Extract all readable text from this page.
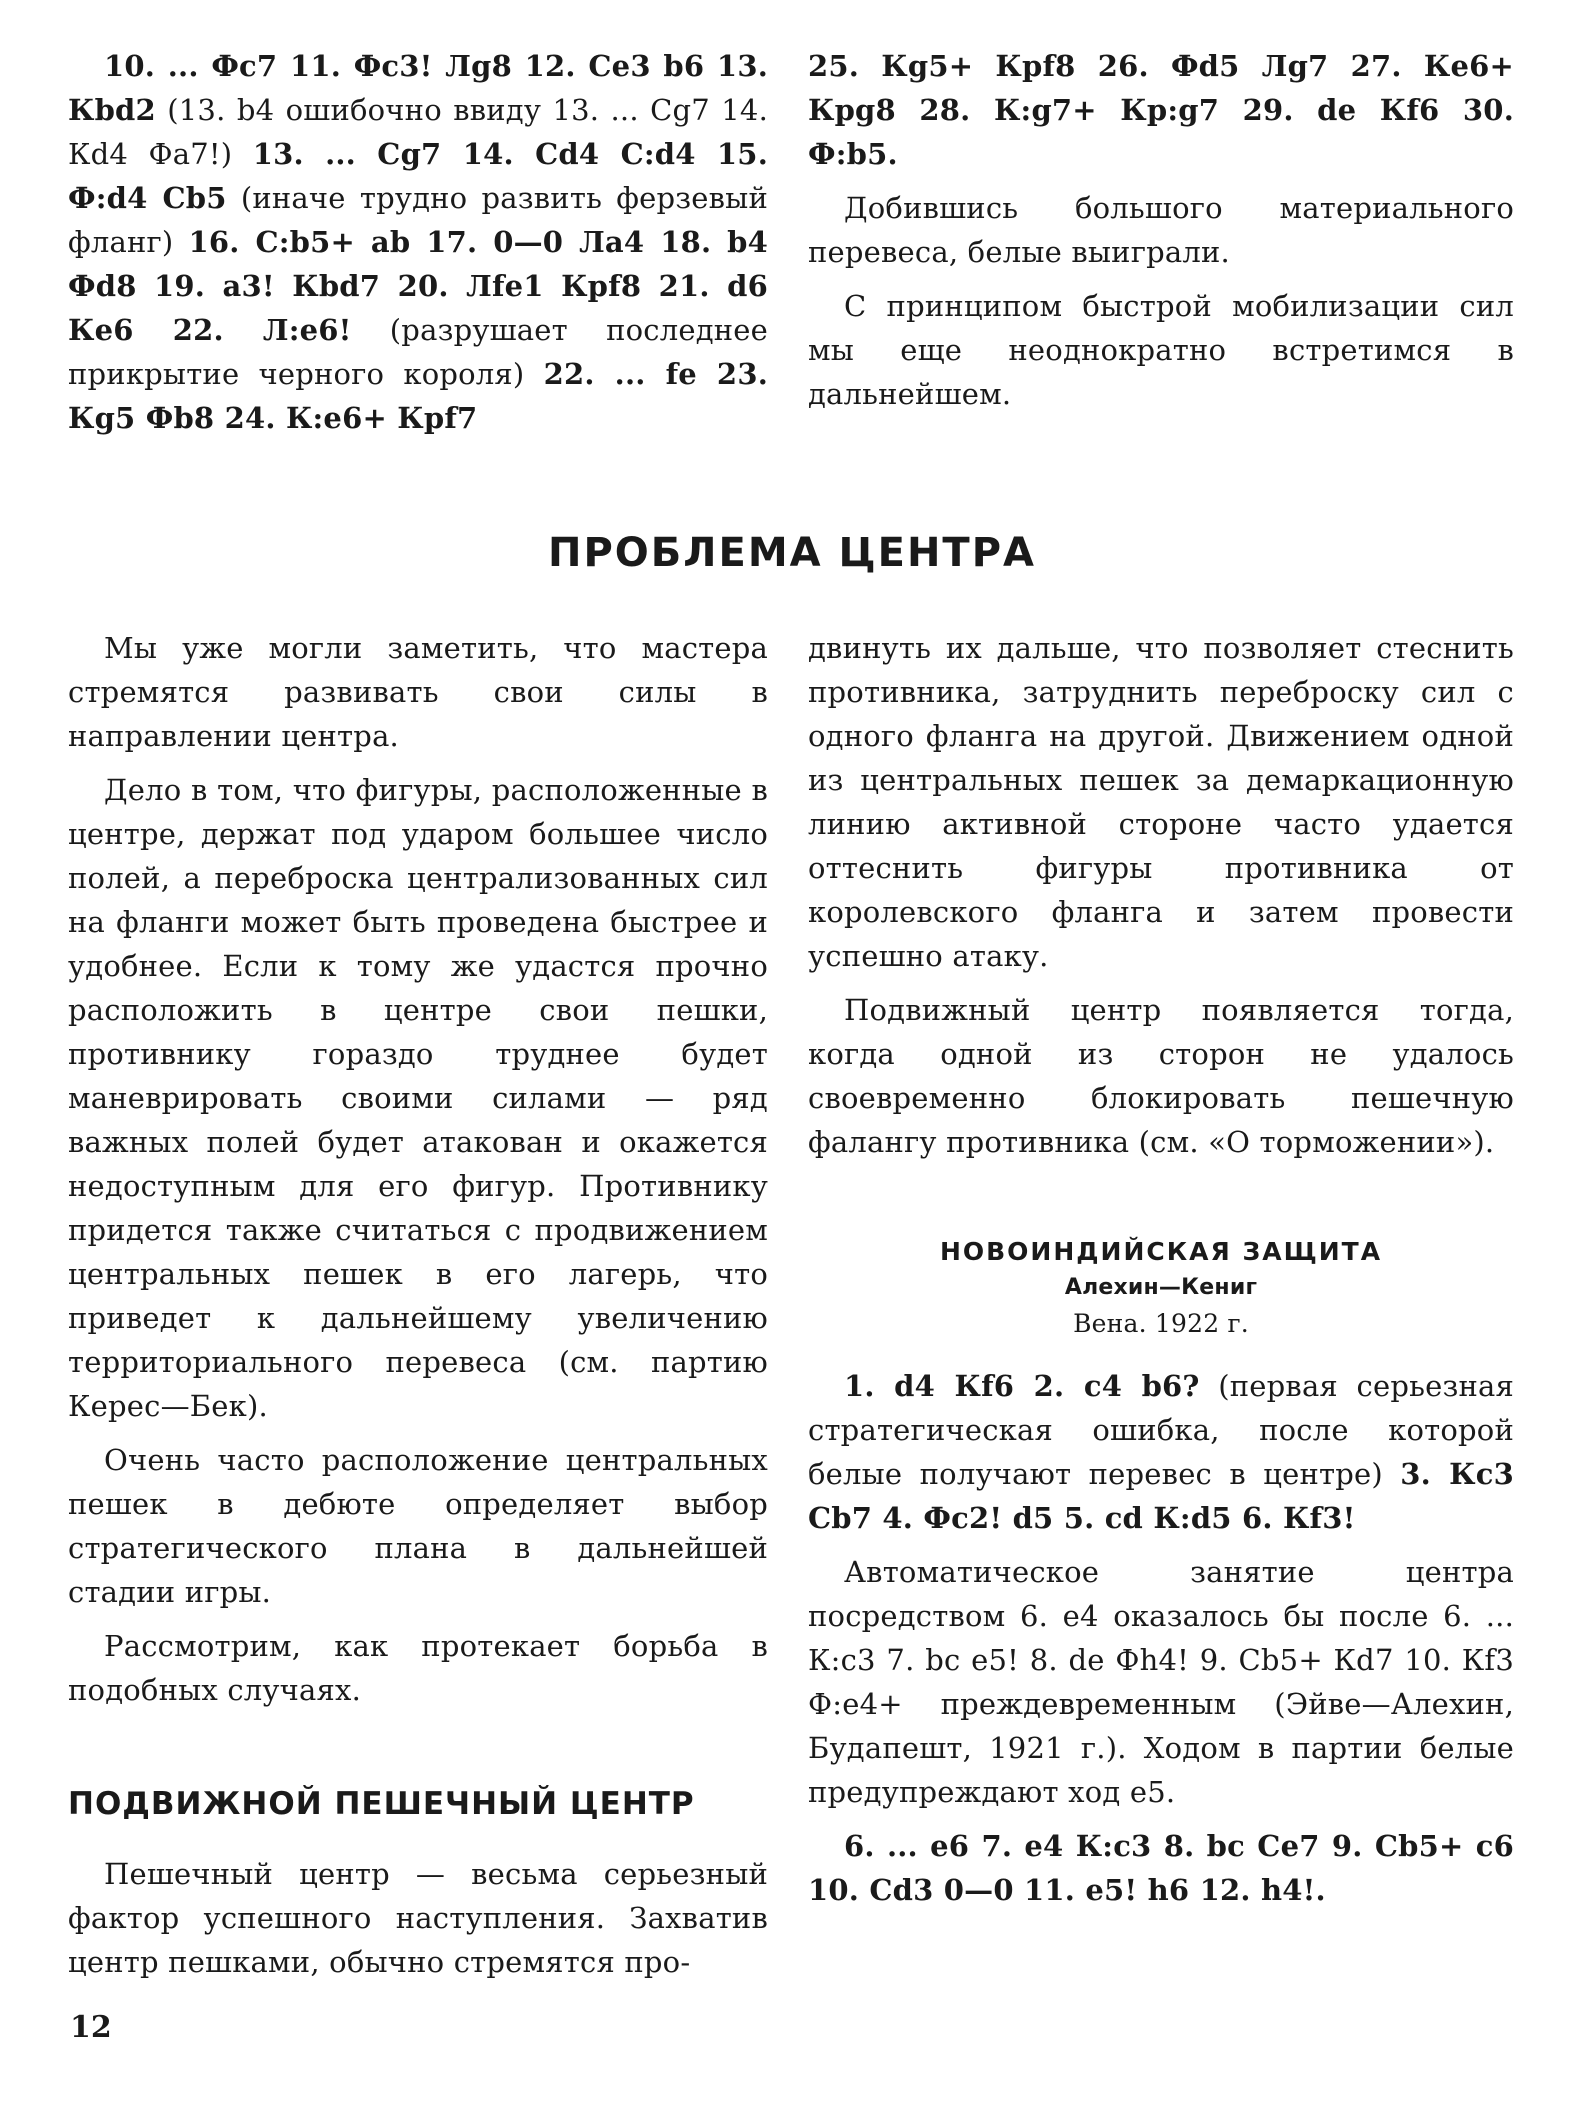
10. ... Фс7 11. Фс3! Лg8 12. Се3 b6 13. Кbd2 (13. b4 ошибочно ввиду 13. ... Сg7 14. Кd4 Фа7!) 13. ... Сg7 14. Сd4 С:d4 15. Ф:d4 Сb5 (иначе трудно развить ферзевый фланг) 16. С:b5+ аb 17. 0—0 Ла4 18. b4 Фd8 19. а3! Кbd7 20. Лfе1 Кpf8 21. d6 Ке6 22. Л:е6! (разрушает последнее прикрытие черного короля) 22. ... fе 23. Кg5 Фb8 24. К:е6+ Кpf7

25. Кg5+ Кpf8 26. Фd5 Лg7 27. Ке6+ Кpg8 28. К:g7+ Кр:g7 29. dе Кf6 30. Ф:b5.

Добившись большого материального перевеса, белые выиграли.

С принципом быстрой мобилизации сил мы еще неоднократно встретимся в дальнейшем.

ПРОБЛЕМА ЦЕНТРА

Мы уже могли заметить, что мастера стремятся развивать свои силы в направлении центра.

Дело в том, что фигуры, расположенные в центре, держат под ударом большее число полей, а переброска централизованных сил на фланги может быть проведена быстрее и удобнее. Если к тому же удастся прочно расположить в центре свои пешки, противнику гораздо труднее будет маневрировать своими силами — ряд важных полей будет атакован и окажется недоступным для его фигур. Противнику придется также считаться с продвижением центральных пешек в его лагерь, что приведет к дальнейшему увеличению территориального перевеса (см. партию Керес—Бек).

Очень часто расположение центральных пешек в дебюте определяет выбор стратегического плана в дальнейшей стадии игры.

Рассмотрим, как протекает борьба в подобных случаях.

ПОДВИЖНОЙ ПЕШЕЧНЫЙ ЦЕНТР

Пешечный центр — весьма серьезный фактор успешного наступления. Захватив центр пешками, обычно стремятся про-

двинуть их дальше, что позволяет стеснить противника, затруднить переброску сил с одного фланга на другой. Движением одной из центральных пешек за демаркационную линию активной стороне часто удается оттеснить фигуры противника от королевского фланга и затем провести успешно атаку.

Подвижный центр появляется тогда, когда одной из сторон не удалось своевременно блокировать пешечную фалангу противника (см. «О торможении»).

НОВОИНДИЙСКАЯ ЗАЩИТА
Алехин—Кениг
Вена. 1922 г.

1. d4 Кf6 2. с4 b6? (первая серьезная стратегическая ошибка, после которой белые получают перевес в центре) 3. Кс3 Сb7 4. Фс2! d5 5. сd К:d5 6. Кf3!

Автоматическое занятие центра посредством 6. е4 оказалось бы после 6. ... К:с3 7. bс е5! 8. dе Фh4! 9. Сb5+ Кd7 10. Кf3 Ф:е4+ преждевременным (Эйве—Алехин, Будапешт, 1921 г.). Ходом в партии белые предупреждают ход е5.

6. ... е6 7. е4 К:с3 8. bс Се7 9. Сb5+ с6 10. Сd3 0—0 11. е5! h6 12. h4!.

12
